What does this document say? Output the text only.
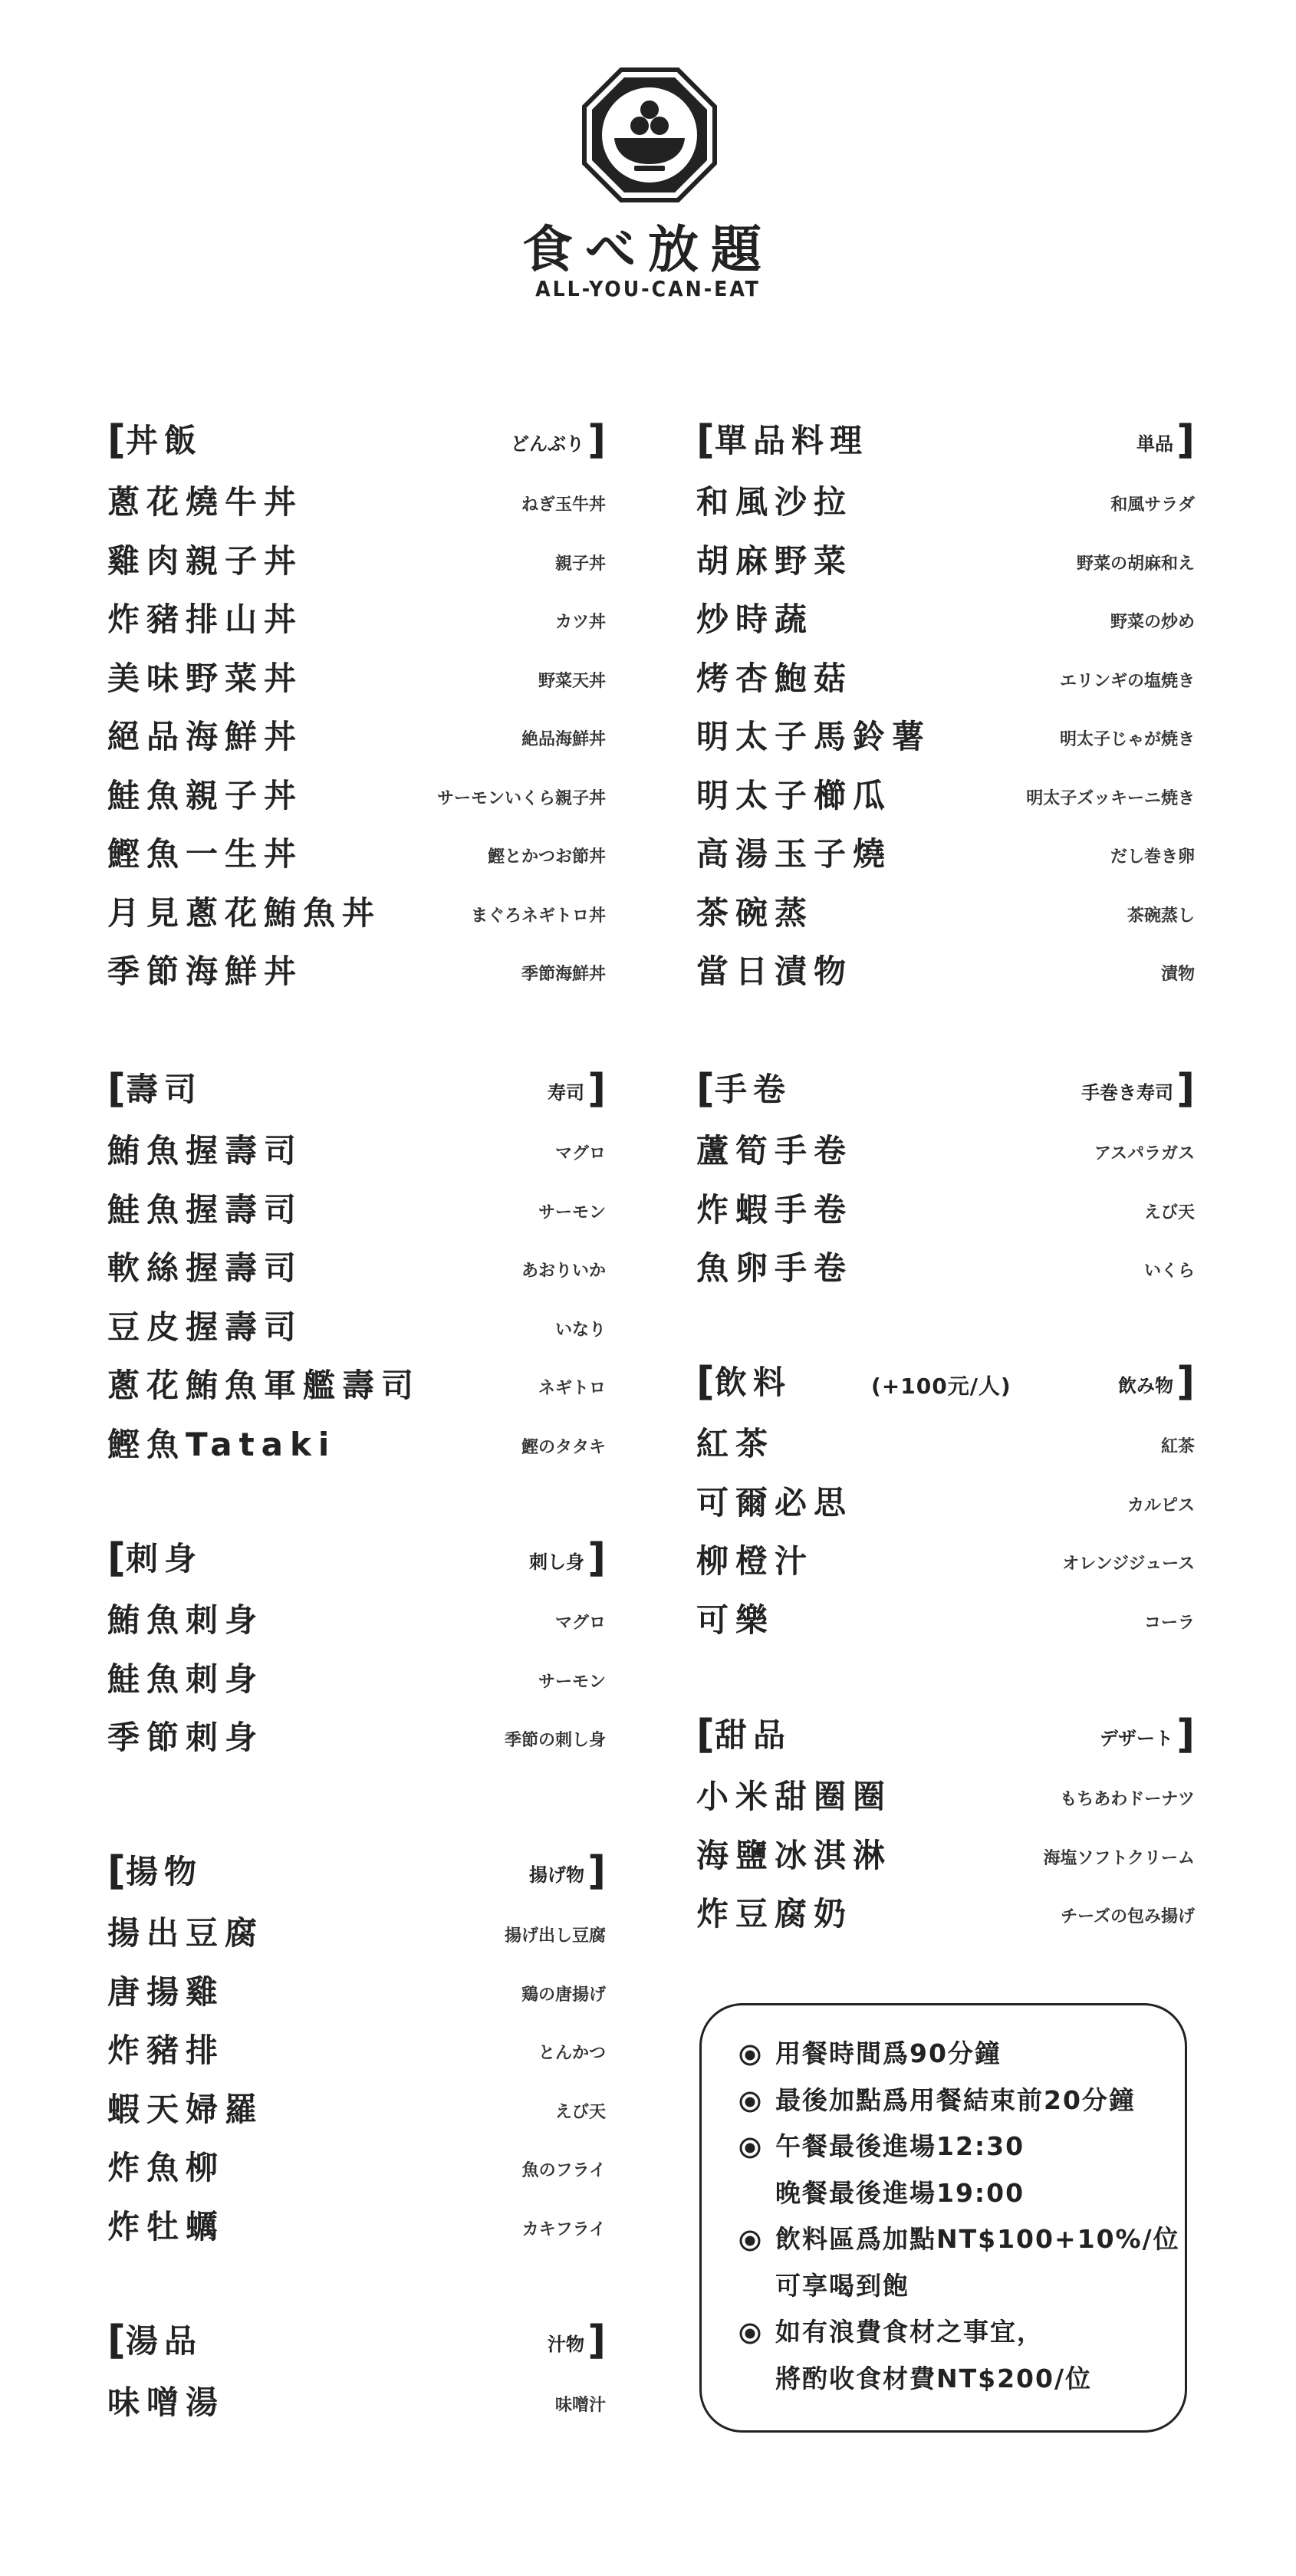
食べ放題
ALL-YOU-CAN-EAT
[ 丼飯	どんぶり ]
蔥花燒牛丼	ねぎ玉牛丼
雞肉親子丼	親子丼
炸豬排山丼	カツ丼
美味野菜丼	野菜天丼
絕品海鮮丼	絶品海鮮丼
鮭魚親子丼	サーモンいくら親子丼
鰹魚一生丼	鰹とかつお節丼
月見蔥花鮪魚丼	まぐろネギトロ丼
季節海鮮丼	季節海鮮丼
[ 壽司	寿司 ]
鮪魚握壽司	マグロ
鮭魚握壽司	サーモン
軟絲握壽司	あおりいか
豆皮握壽司	いなり
蔥花鮪魚軍艦壽司	ネギトロ
鰹魚Tataki	鰹のタタキ
[ 刺身	刺し身 ]
鮪魚刺身	マグロ
鮭魚刺身	サーモン
季節刺身	季節の刺し身
[ 揚物	揚げ物 ]
揚出豆腐	揚げ出し豆腐
唐揚雞	鶏の唐揚げ
炸豬排	とんかつ
蝦天婦羅	えび天
炸魚柳	魚のフライ
炸牡蠣	カキフライ
[ 湯品	汁物 ]
味噌湯	味噌汁
[ 單品料理	単品 ]
和風沙拉	和風サラダ
胡麻野菜	野菜の胡麻和え
炒時蔬	野菜の炒め
烤杏鮑菇	エリンギの塩焼き
明太子馬鈴薯	明太子じゃが焼き
明太子櫛瓜	明太子ズッキーニ焼き
高湯玉子燒	だし巻き卵
茶碗蒸	茶碗蒸し
當日漬物	漬物
[ 手卷	手巻き寿司 ]
蘆筍手卷	アスパラガス
炸蝦手卷	えび天
魚卵手卷	いくら
[ 飲料	(+100元/人)	飲み物 ]
紅茶	紅茶
可爾必思	カルピス
柳橙汁	オレンジジュース
可樂	コーラ
[ 甜品	デザート ]
小米甜圈圈	もちあわドーナツ
海鹽冰淇淋	海塩ソフトクリーム
炸豆腐奶	チーズの包み揚げ
用餐時間爲90分鐘
最後加點爲用餐結束前20分鐘
午餐最後進場12:30
晚餐最後進場19:00
飲料區爲加點NT$100+10%/位
可享喝到飽
如有浪費食材之事宜，
將酌收食材費NT$200/位
